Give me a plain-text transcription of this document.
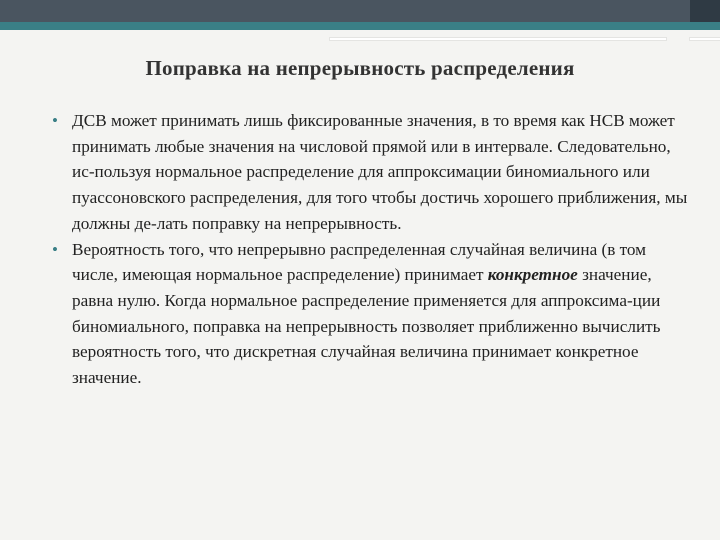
Поправка на непрерывность распределения
• ДСВ может принимать лишь фиксированные значения, в то время как НСВ может принимать любые значения на числовой прямой или в интервале. Следовательно, ис-пользуя нормальное распределение для аппроксимации биномиального или пуассоновского распределения, для того чтобы достичь хорошего приближения, мы должны де-лать поправку на непрерывность.
• Вероятность того, что непрерывно распределенная случайная величина (в том числе, имеющая нормальное распределение) принимает конкретное значение, равна нулю. Когда нормальное распределение применяется для аппроксима-ции биномиального, поправка на непрерывность позволяет приближенно вычислить вероятность того, что дискретная случайная величина принимает конкретное значение.
